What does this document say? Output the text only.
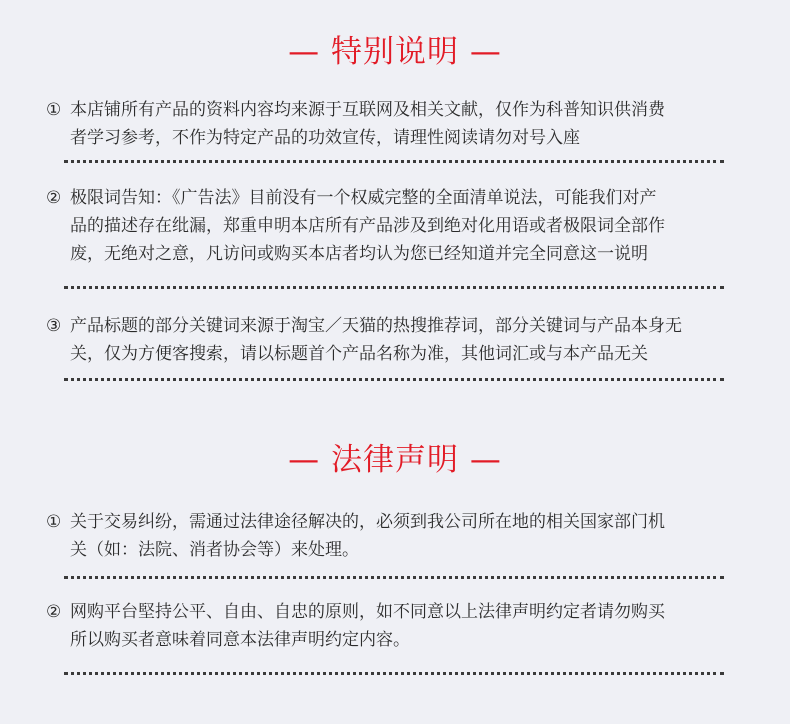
— 特别说明 —
① 本店铺所有产品的资料内容均来源于互联网及相关文献，仅作为科普知识供消费
者学习参考，不作为特定产品的功效宣传，请理性阅读请勿对号入座
② 极限词告知：《广告法》目前没有一个权威完整的全面清单说法，可能我们对产
品的描述存在纰漏，郑重申明本店所有产品涉及到绝对化用语或者极限词全部作
废，无绝对之意，凡访问或购买本店者均认为您已经知道并完全同意这一说明
③ 产品标题的部分关键词来源于淘宝／天猫的热搜推荐词，部分关键词与产品本身无
关，仅为方便客搜索，请以标题首个产品名称为准，其他词汇或与本产品无关
— 法律声明 —
① 关于交易纠纷，需通过法律途径解决的，必须到我公司所在地的相关国家部门机
关（如：法院、消者协会等）来处理。
② 网购平台堅持公平、自由、自忠的原则，如不同意以上法律声明约定者请勿购买
所以购买者意味着同意本法律声明约定内容。
